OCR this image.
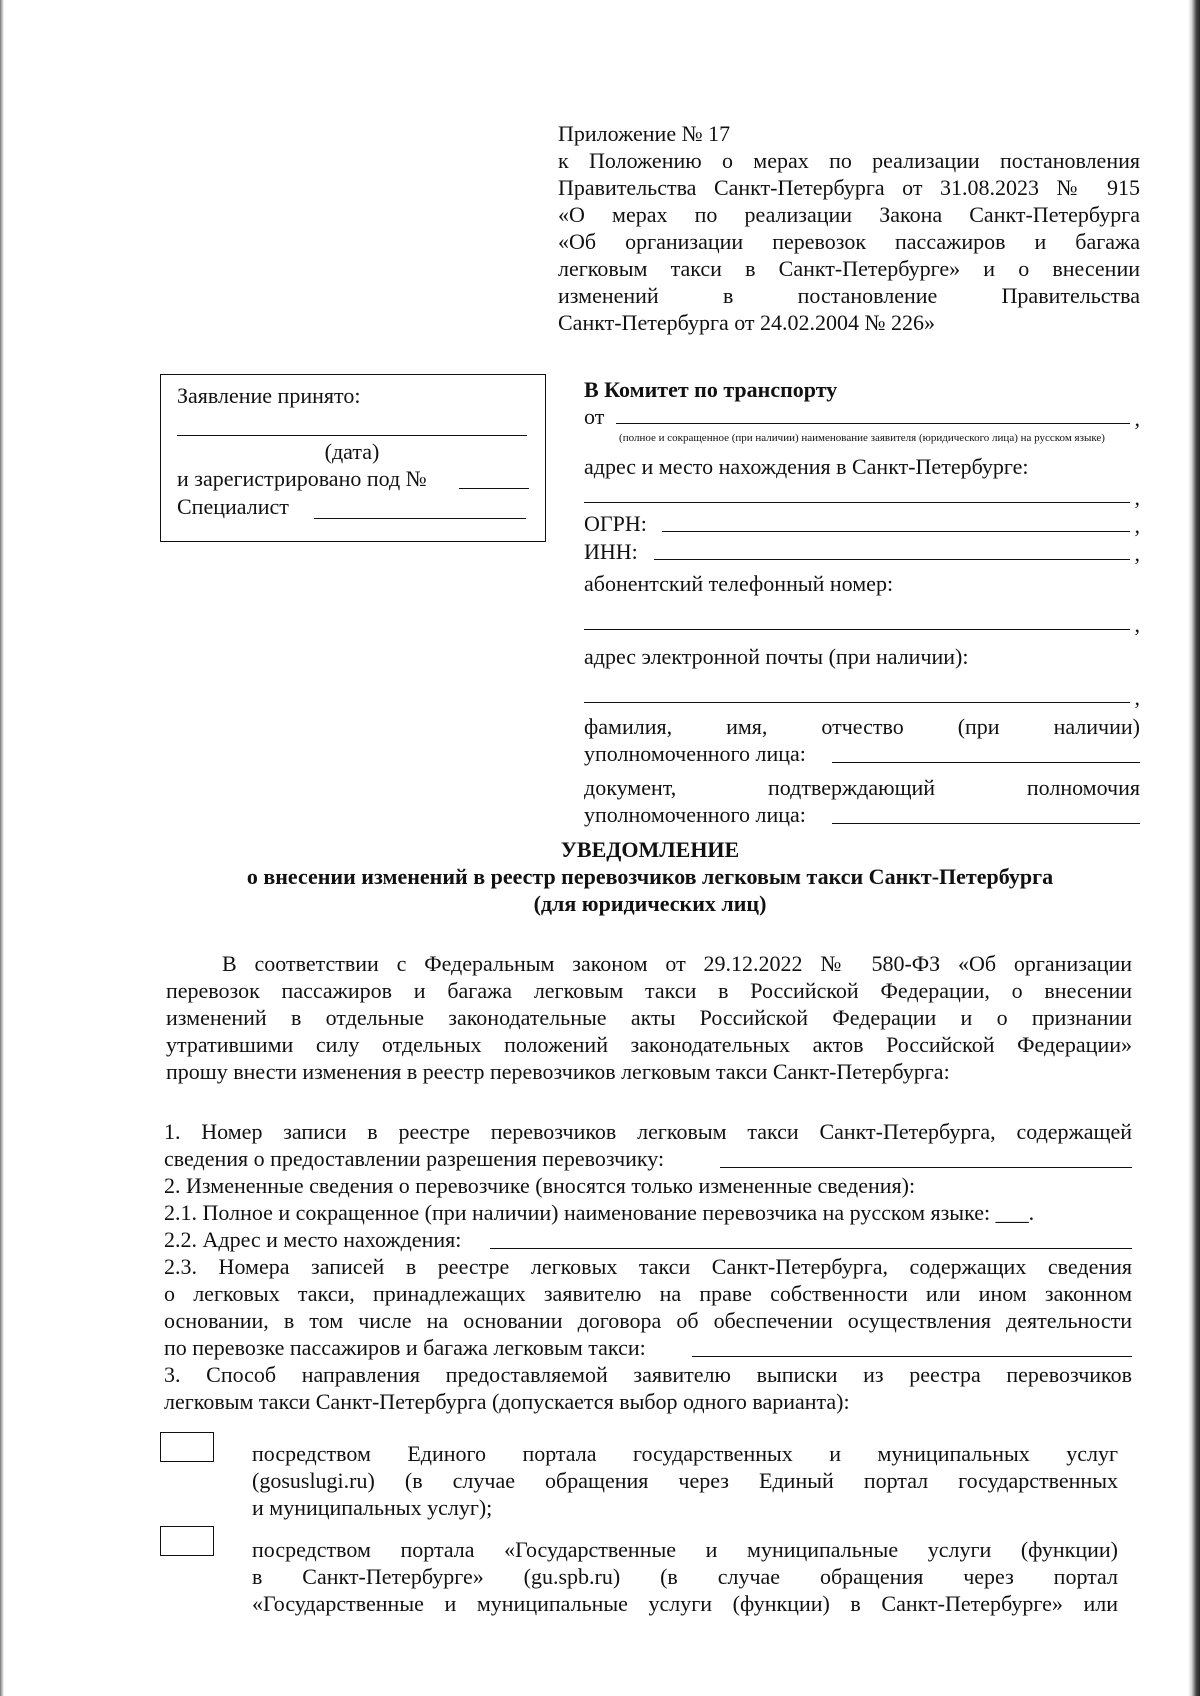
Приложение № 17
к Положению о мерах по реализации постановления
Правительства Санкт-Петербурга от 31.08.2023 № 915
«О мерах по реализации Закона Санкт-Петербурга
«Об организации перевозок пассажиров и багажа
легковым такси в Санкт-Петербурге» и о внесении
изменений в постановление Правительства
Санкт-Петербурга от 24.02.2004 № 226»
Заявление принято:
(дата)
и зарегистрировано под №
Специалист
В Комитет по транспорту
от	,
(полное и сокращенное (при наличии) наименование заявителя (юридического лица) на русском языке)
адрес и место нахождения в Санкт-Петербурге:
,
ОГРН:	,
ИНН:	,
абонентский телефонный номер:
,
адрес электронной почты (при наличии):
,
фамилия, имя, отчество (при наличии)
уполномоченного лица:
документ, подтверждающий полномочия
уполномоченного лица:
УВЕДОМЛЕНИЕ
о внесении изменений в реестр перевозчиков легковым такси Санкт-Петербурга
(для юридических лиц)
В соответствии с Федеральным законом от 29.12.2022 № 580-ФЗ «Об организации
перевозок пассажиров и багажа легковым такси в Российской Федерации, о внесении
изменений в отдельные законодательные акты Российской Федерации и о признании
утратившими силу отдельных положений законодательных актов Российской Федерации»
прошу внести изменения в реестр перевозчиков легковым такси Санкт-Петербурга:
1. Номер записи в реестре перевозчиков легковым такси Санкт-Петербурга, содержащей
сведения о предоставлении разрешения перевозчику:
2. Измененные сведения о перевозчике (вносятся только измененные сведения):
2.1. Полное и сокращенное (при наличии) наименование перевозчика на русском языке: ___.
2.2. Адрес и место нахождения:
2.3. Номера записей в реестре легковых такси Санкт-Петербурга, содержащих сведения
о легковых такси, принадлежащих заявителю на праве собственности или ином законном
основании, в том числе на основании договора об обеспечении осуществления деятельности
по перевозке пассажиров и багажа легковым такси:
3. Способ направления предоставляемой заявителю выписки из реестра перевозчиков
легковым такси Санкт-Петербурга (допускается выбор одного варианта):
посредством Единого портала государственных и муниципальных услуг
(gosuslugi.ru) (в случае обращения через Единый портал государственных
и муниципальных услуг);
посредством портала «Государственные и муниципальные услуги (функции)
в Санкт-Петербурге» (gu.spb.ru) (в случае обращения через портал
«Государственные и муниципальные услуги (функции) в Санкт-Петербурге» или
